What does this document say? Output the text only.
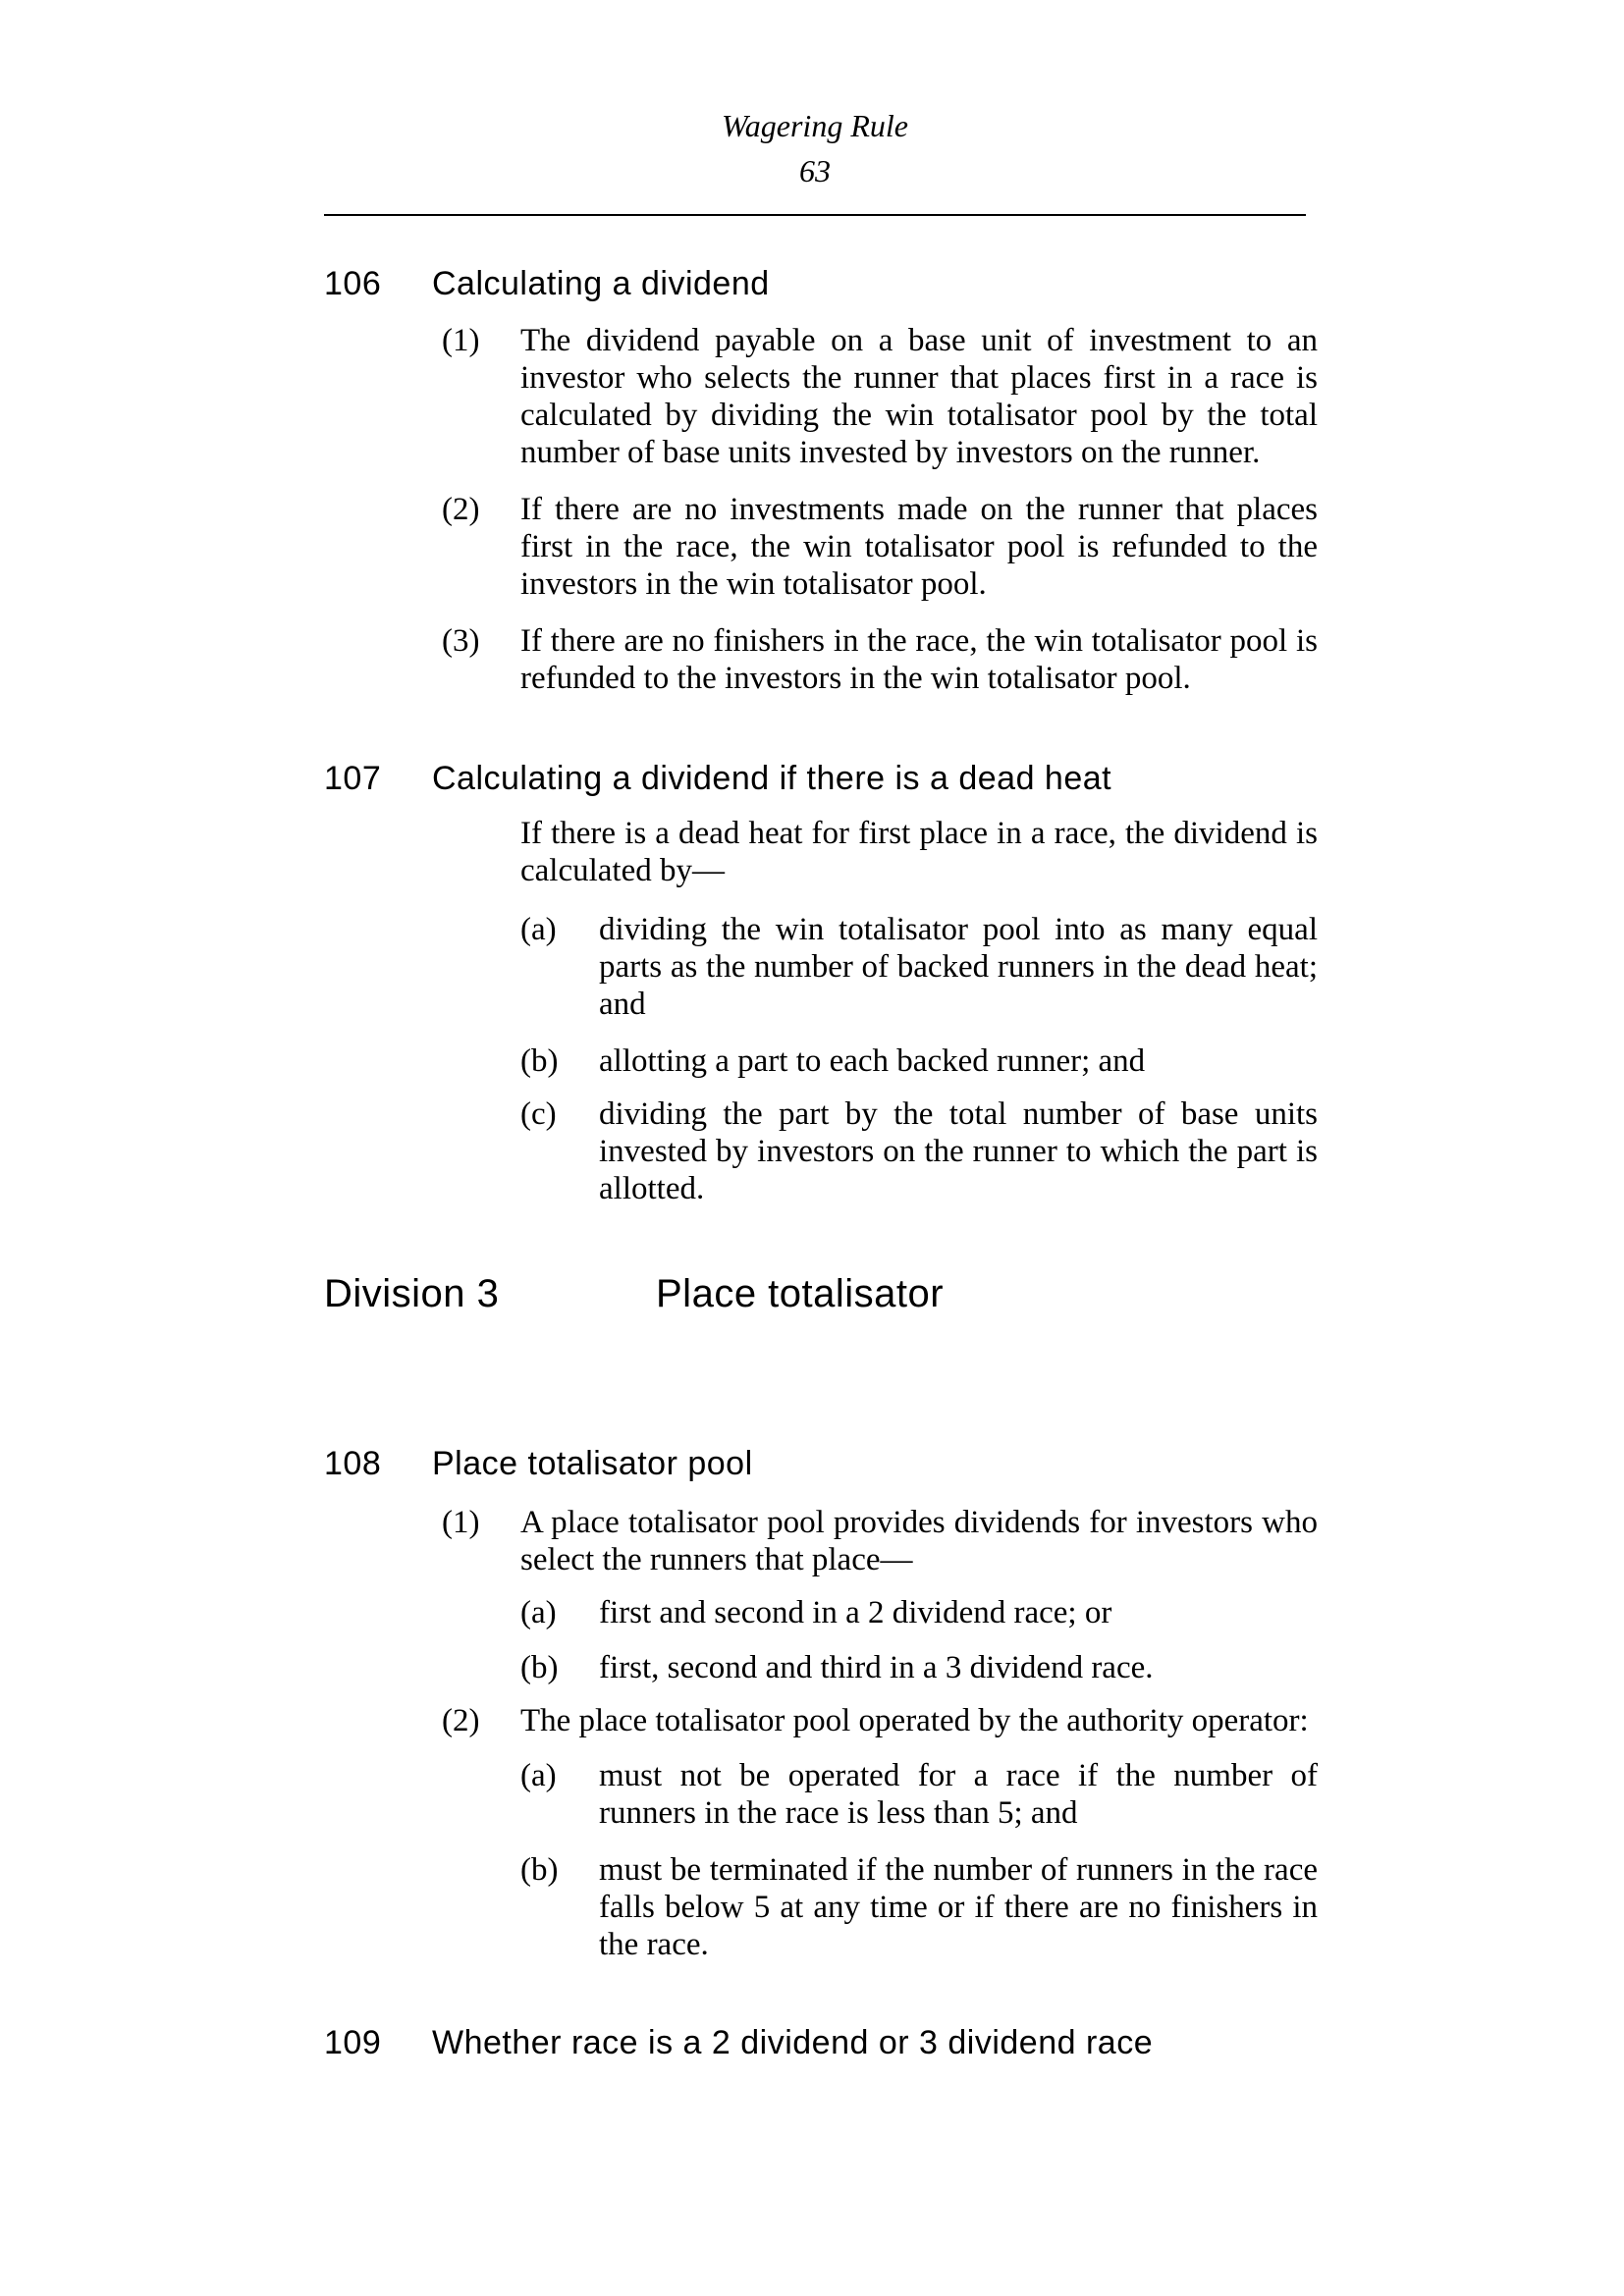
Wagering Rule
63
106 Calculating a dividend
(1) The dividend payable on a base unit of investment to an investor who selects the runner that places first in a race is calculated by dividing the win totalisator pool by the total number of base units invested by investors on the runner.
(2) If there are no investments made on the runner that places first in the race, the win totalisator pool is refunded to the investors in the win totalisator pool.
(3) If there are no finishers in the race, the win totalisator pool is refunded to the investors in the win totalisator pool.
107 Calculating a dividend if there is a dead heat
If there is a dead heat for first place in a race, the dividend is calculated by—
(a) dividing the win totalisator pool into as many equal parts as the number of backed runners in the dead heat; and
(b) allotting a part to each backed runner; and
(c) dividing the part by the total number of base units invested by investors on the runner to which the part is allotted.
Division 3	Place totalisator
108 Place totalisator pool
(1) A place totalisator pool provides dividends for investors who select the runners that place—
(a) first and second in a 2 dividend race; or
(b) first, second and third in a 3 dividend race.
(2) The place totalisator pool operated by the authority operator:
(a) must not be operated for a race if the number of runners in the race is less than 5; and
(b) must be terminated if the number of runners in the race falls below 5 at any time or if there are no finishers in the race.
109 Whether race is a 2 dividend or 3 dividend race
